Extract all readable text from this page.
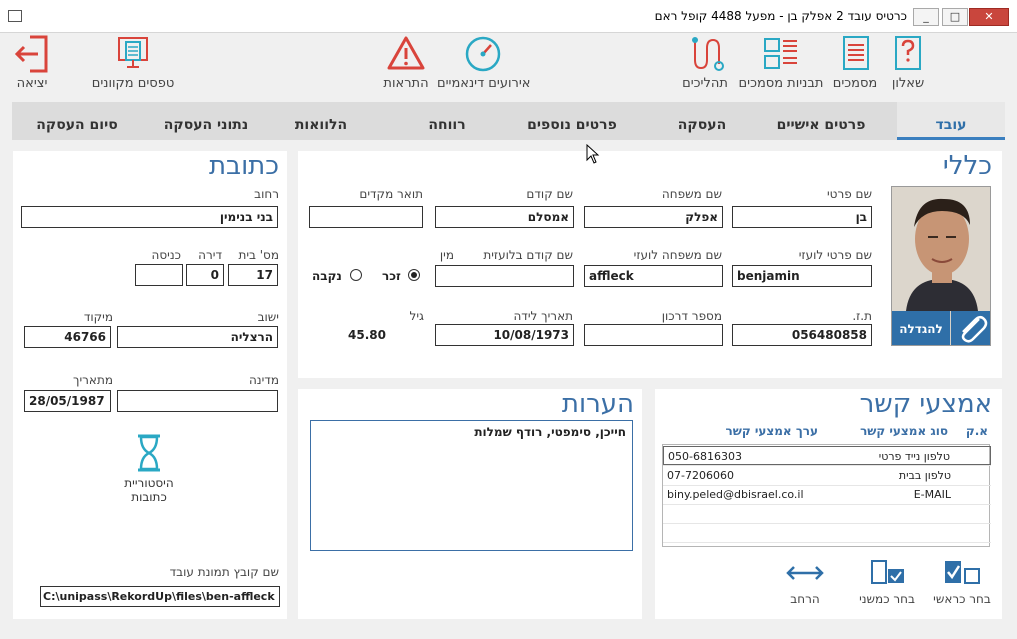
כרטיס עובד 2 אפלק בן - מפעל 4488 קופל ראם	_	□	✕
יציאה	טפסים מקוונים	התראות אירועים דינאמיים	תהליכים תבניות מסמכים מסמכים שאלון
סיום העסקה	נתוני העסקה	הלוואות	רווחה	פרטים נוספים	העסקה	פרטים אישיים	עובד
כללי
להגדלה
שם פרטי
בן
שם משפחה
אפלק
שם קודם
אמסלם
תואר מקדים
שם פרטי לועזי
benjamin
שם משפחה לועזי
affleck
שם קודם בלועזית
מין
זכר
נקבה
ת.ז.
056480858
מספר דרכון
תאריך לידה
10/08/1973
גיל
45.80
כתובת
רחוב
בני בנימין
מס' בית
17
דירה
0
כניסה
ישוב
הרצליה
מיקוד
46766
מדינה
מתאריך
28/05/1987
היסטוריית כתובות
שם קובץ תמונת עובד
C:\unipass\RekordUp\files\ben-affleck
הערות
חייכן, סימפטי, רודף שמלות
אמצעי קשר
א.ק
סוג אמצעי קשר
ערך אמצעי קשר
050-6816303	טלפון נייד פרטי
07-7206060	טלפון בבית
biny.peled@dbisrael.co.il	E-MAIL
בחר כראשי
בחר כמשני
הרחב
